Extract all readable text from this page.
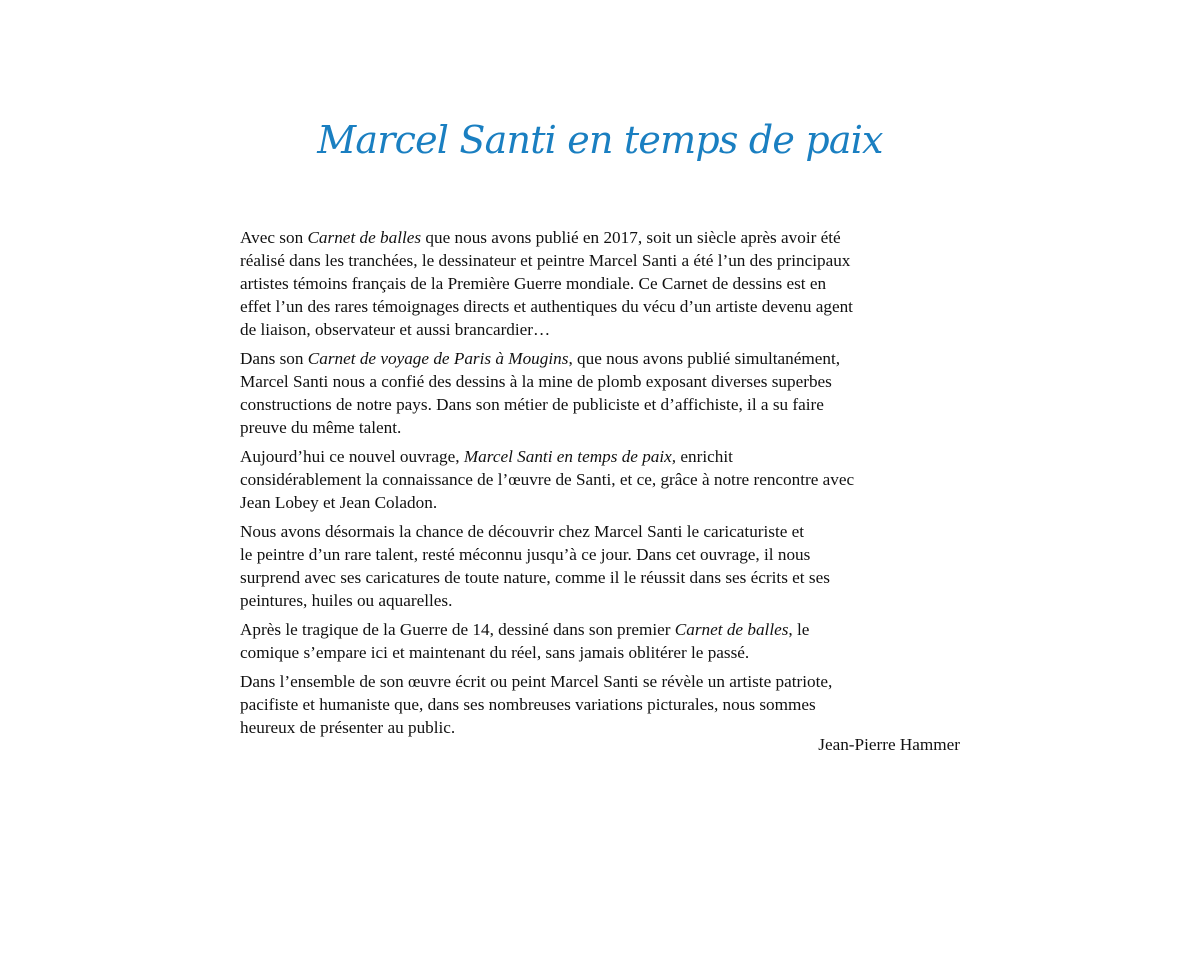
Marcel Santi en temps de paix

Avec son Carnet de balles que nous avons publié en 2017, soit un siècle après avoir été
réalisé dans les tranchées, le dessinateur et peintre Marcel Santi a été l’un des principaux
artistes témoins français de la Première Guerre mondiale. Ce Carnet de dessins est en
effet l’un des rares témoignages directs et authentiques du vécu d’un artiste devenu agent
de liaison, observateur et aussi brancardier…

Dans son Carnet de voyage de Paris à Mougins, que nous avons publié simultanément,
Marcel Santi nous a confié des dessins à la mine de plomb exposant diverses superbes
constructions de notre pays. Dans son métier de publiciste et d’affichiste, il a su faire
preuve du même talent.

Aujourd’hui ce nouvel ouvrage, Marcel Santi en temps de paix, enrichit
considérablement la connaissance de l’œuvre de Santi, et ce, grâce à notre rencontre avec
Jean Lobey et Jean Coladon.

Nous avons désormais la chance de découvrir chez Marcel Santi le caricaturiste et
le peintre d’un rare talent, resté méconnu jusqu’à ce jour. Dans cet ouvrage, il nous
surprend avec ses caricatures de toute nature, comme il le réussit dans ses écrits et ses
peintures, huiles ou aquarelles.

Après le tragique de la Guerre de 14, dessiné dans son premier Carnet de balles, le
comique s’empare ici et maintenant du réel, sans jamais oblitérer le passé.

Dans l’ensemble de son œuvre écrit ou peint Marcel Santi se révèle un artiste patriote,
pacifiste et humaniste que, dans ses nombreuses variations picturales, nous sommes
heureux de présenter au public.

Jean-Pierre Hammer
